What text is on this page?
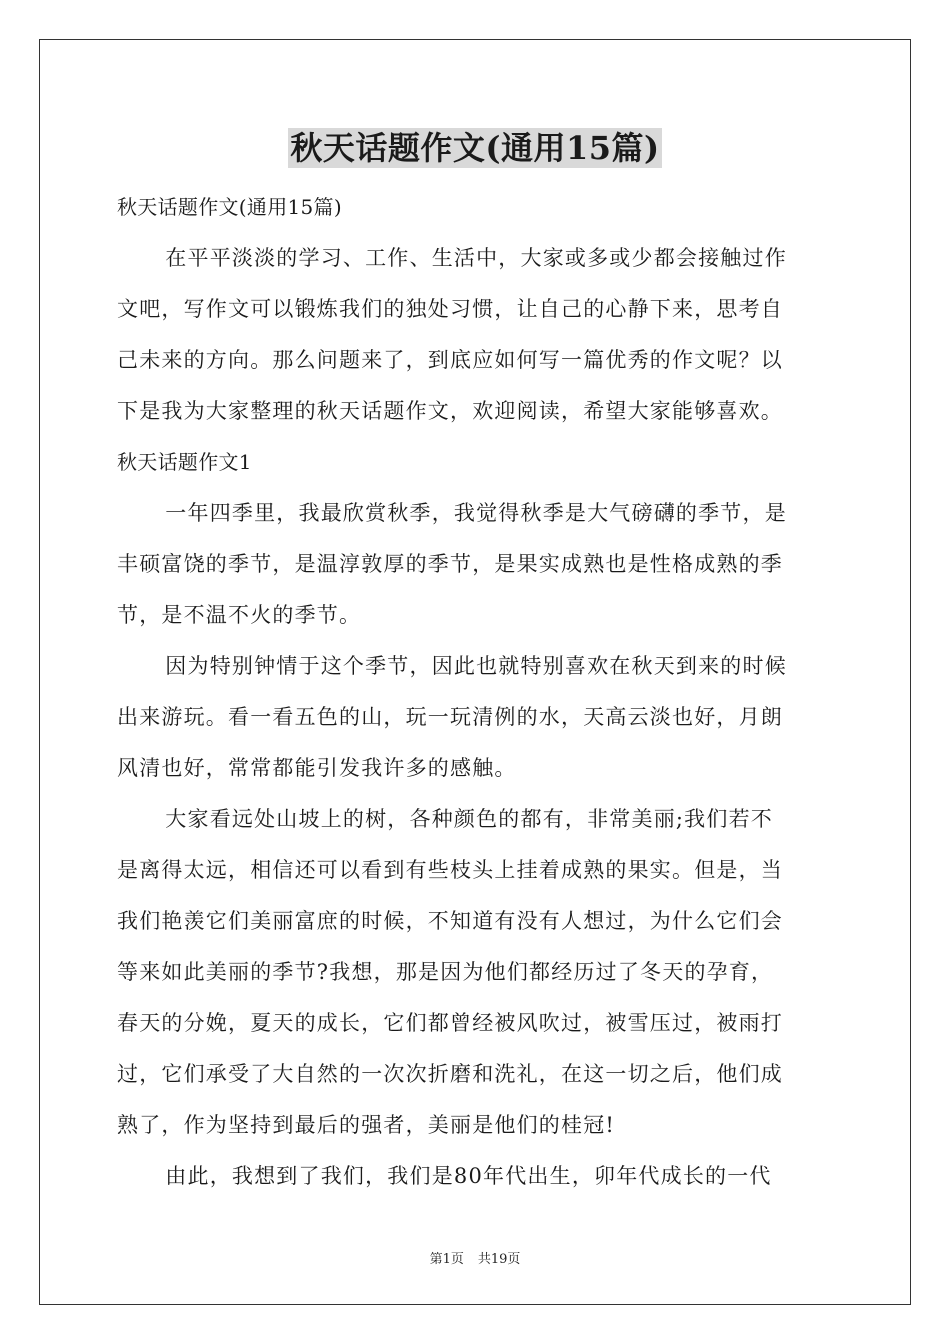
秋天话题作文(通用15篇)
秋天话题作文(通用15篇)
在平平淡淡的学习、工作、生活中，大家或多或少都会接触过作
文吧，写作文可以锻炼我们的独处习惯，让自己的心静下来，思考自
己未来的方向。那么问题来了，到底应如何写一篇优秀的作文呢？以
下是我为大家整理的秋天话题作文，欢迎阅读，希望大家能够喜欢。
秋天话题作文1
一年四季里，我最欣赏秋季，我觉得秋季是大气磅礴的季节，是
丰硕富饶的季节，是温淳敦厚的季节，是果实成熟也是性格成熟的季
节，是不温不火的季节。
因为特别钟情于这个季节，因此也就特别喜欢在秋天到来的时候
出来游玩。看一看五色的山，玩一玩清例的水，天高云淡也好，月朗
风清也好，常常都能引发我许多的感触。
大家看远处山坡上的树，各种颜色的都有，非常美丽;我们若不
是离得太远，相信还可以看到有些枝头上挂着成熟的果实。但是，当
我们艳羡它们美丽富庶的时候，不知道有没有人想过，为什么它们会
等来如此美丽的季节?我想，那是因为他们都经历过了冬天的孕育，
春天的分娩，夏天的成长，它们都曾经被风吹过，被雪压过，被雨打
过，它们承受了大自然的一次次折磨和洗礼，在这一切之后，他们成
熟了，作为坚持到最后的强者，美丽是他们的桂冠!
由此，我想到了我们，我们是80年代出生，卯年代成长的一代
第1页 共19页
